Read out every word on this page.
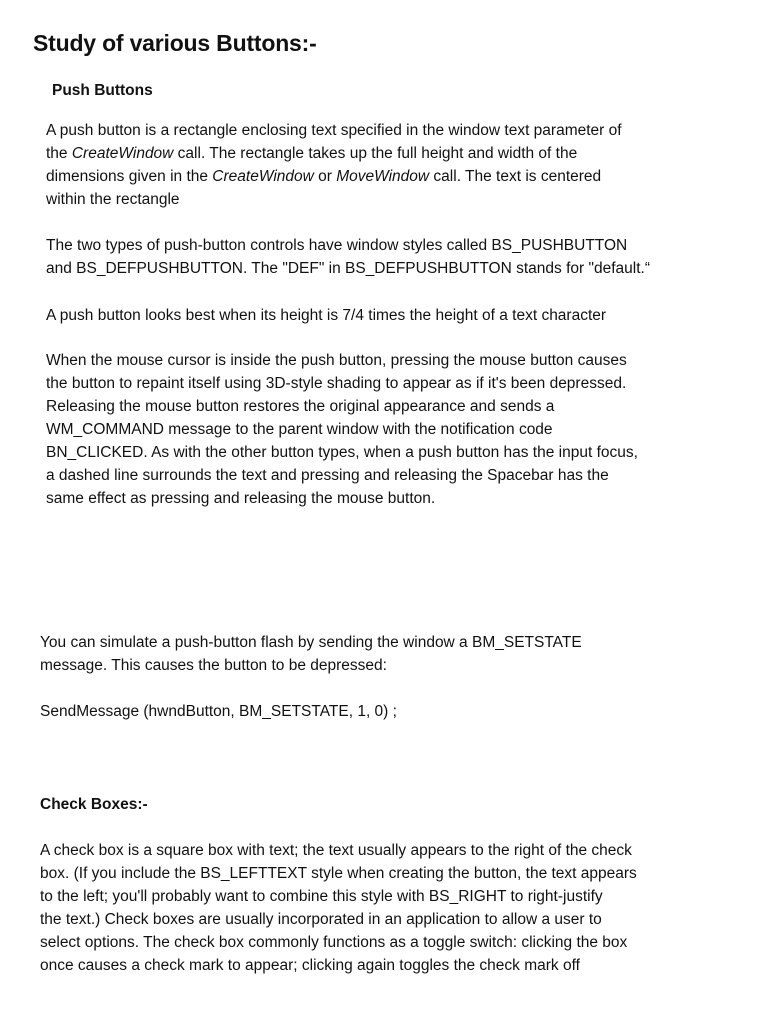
Study of various Buttons:-
Push Buttons

A push button is a rectangle enclosing text specified in the window text parameter of
the CreateWindow call. The rectangle takes up the full height and width of the
dimensions given in the CreateWindow or MoveWindow call. The text is centered
within the rectangle

The two types of push-button controls have window styles called BS_PUSHBUTTON
and BS_DEFPUSHBUTTON. The "DEF" in BS_DEFPUSHBUTTON stands for "default.“

A push button looks best when its height is 7/4 times the height of a text character

When the mouse cursor is inside the push button, pressing the mouse button causes
the button to repaint itself using 3D-style shading to appear as if it's been depressed.
Releasing the mouse button restores the original appearance and sends a
WM_COMMAND message to the parent window with the notification code
BN_CLICKED. As with the other button types, when a push button has the input focus,
a dashed line surrounds the text and pressing and releasing the Spacebar has the
same effect as pressing and releasing the mouse button.

You can simulate a push-button flash by sending the window a BM_SETSTATE
message. This causes the button to be depressed:

SendMessage (hwndButton, BM_SETSTATE, 1, 0) ;

Check Boxes:-

A check box is a square box with text; the text usually appears to the right of the check
box. (If you include the BS_LEFTTEXT style when creating the button, the text appears
to the left; you'll probably want to combine this style with BS_RIGHT to right-justify
the text.) Check boxes are usually incorporated in an application to allow a user to
select options. The check box commonly functions as a toggle switch: clicking the box
once causes a check mark to appear; clicking again toggles the check mark off
